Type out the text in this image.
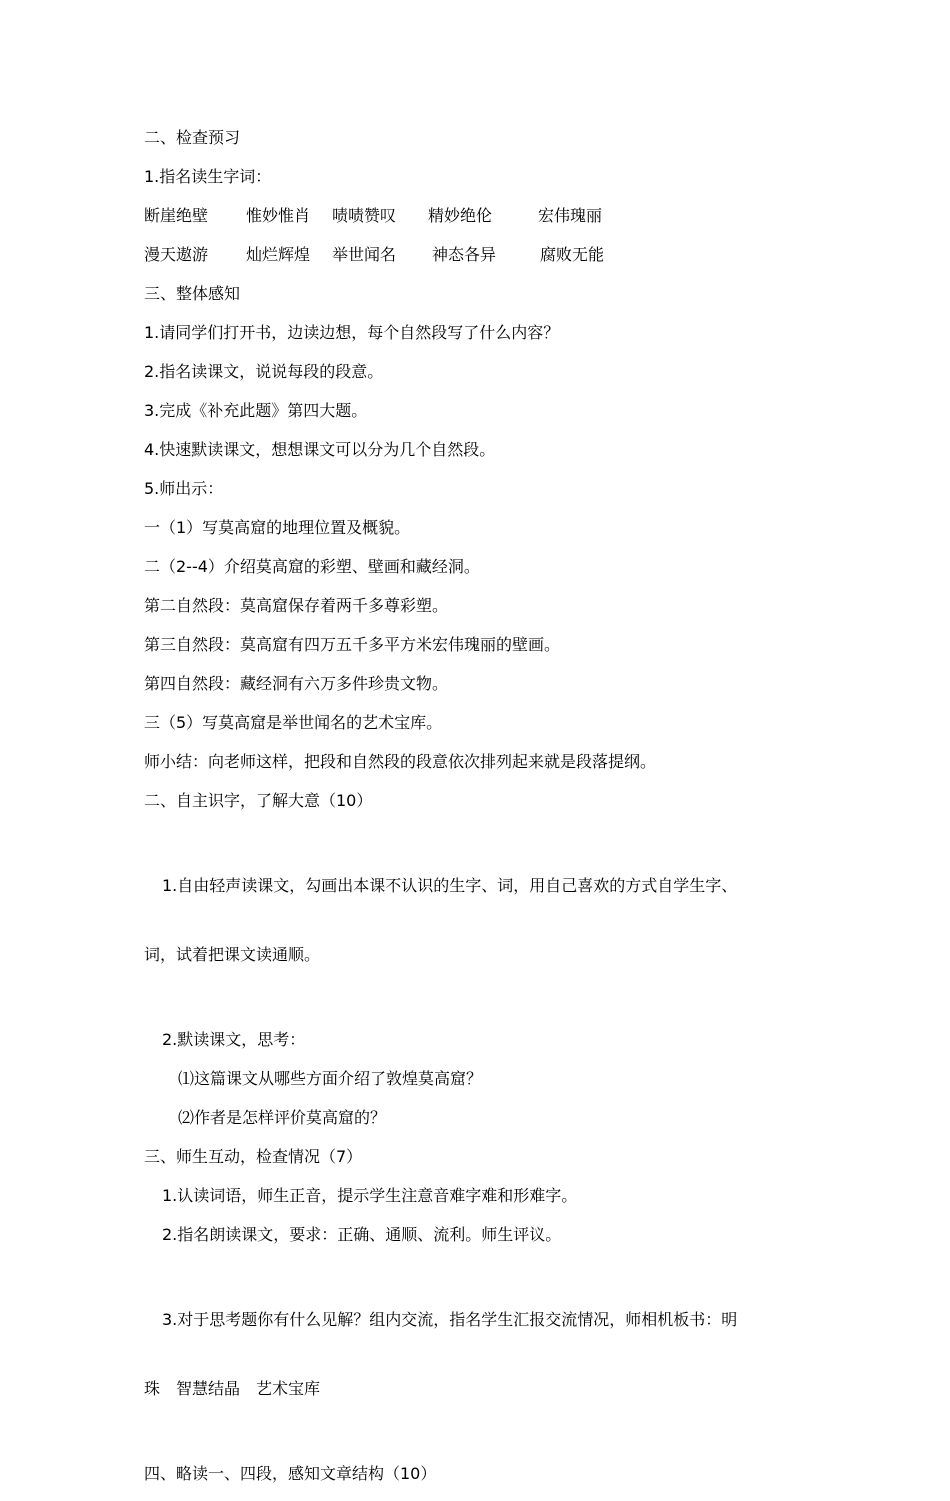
二、检查预习
1.指名读生字词：
断崖绝壁	惟妙惟肖	啧啧赞叹	精妙绝伦	宏伟瑰丽
漫天遨游	灿烂辉煌	举世闻名	神态各异	腐败无能
三、整体感知
1.请同学们打开书，边读边想，每个自然段写了什么内容？
2.指名读课文，说说每段的段意。
3.完成《补充此题》第四大题。
4.快速默读课文，想想课文可以分为几个自然段。
5.师出示：
一（1）写莫高窟的地理位置及概貌。
二（2--4）介绍莫高窟的彩塑、壁画和藏经洞。
第二自然段：莫高窟保存着两千多尊彩塑。
第三自然段：莫高窟有四万五千多平方米宏伟瑰丽的壁画。
第四自然段：藏经洞有六万多件珍贵文物。
三（5）写莫高窟是举世闻名的艺术宝库。
师小结：向老师这样，把段和自然段的段意依次排列起来就是段落提纲。
二、自主识字，了解大意（10）

1.自由轻声读课文，勾画出本课不认识的生字、词，用自己喜欢的方式自学生字、

词，试着把课文读通顺。

2.默读课文，思考：
⑴这篇课文从哪些方面介绍了敦煌莫高窟？
⑵作者是怎样评价莫高窟的？
三、师生互动，检查情况（7）
1.认读词语，师生正音，提示学生注意音难字难和形难字。
2.指名朗读课文，要求：正确、通顺、流利。师生评议。

3.对于思考题你有什么见解？组内交流，指名学生汇报交流情况，师相机板书：明

珠　智慧结晶　艺术宝库

四、略读一、四段，感知文章结构（10）
